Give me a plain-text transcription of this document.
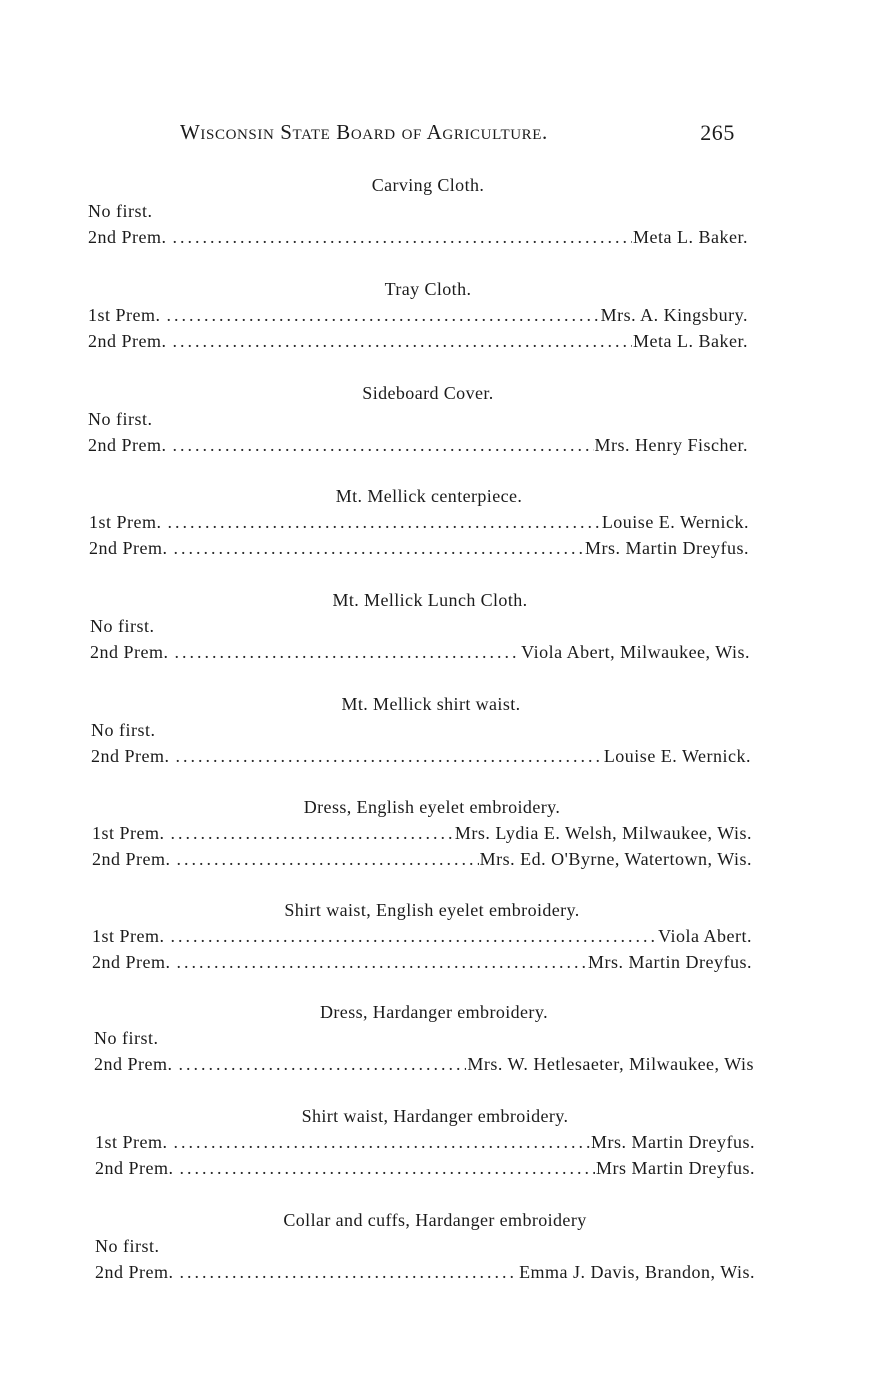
Wisconsin State Board of Agriculture.	265
Carving Cloth.
No first.
2nd Prem. .....	Meta L. Baker.
Tray Cloth.
1st Prem. .....	Mrs. A. Kingsbury.
2nd Prem. .....	Meta L. Baker.
Sideboard Cover.
No first.
2nd Prem. .....	Mrs. Henry Fischer.
Mt. Mellick centerpiece.
1st Prem. .....	Louise E. Wernick.
2nd Prem. .....	Mrs. Martin Dreyfus.
Mt. Mellick Lunch Cloth.
No first.
2nd Prem. .....	Viola Abert, Milwaukee, Wis.
Mt. Mellick shirt waist.
No first.
2nd Prem. .....	Louise E. Wernick.
Dress, English eyelet embroidery.
1st Prem. .....	Mrs. Lydia E. Welsh, Milwaukee, Wis.
2nd Prem. .....	Mrs. Ed. O'Byrne, Watertown, Wis.
Shirt waist, English eyelet embroidery.
1st Prem. .....	Viola Abert.
2nd Prem. .....	Mrs. Martin Dreyfus.
Dress, Hardanger embroidery.
No first.
2nd Prem. .....	Mrs. W. Hetlesaeter, Milwaukee, Wis
Shirt waist, Hardanger embroidery.
1st Prem. .....	Mrs. Martin Dreyfus.
2nd Prem. .....	Mrs Martin Dreyfus.
Collar and cuffs, Hardanger embroidery
No first.
2nd Prem. .....	Emma J. Davis, Brandon, Wis.
